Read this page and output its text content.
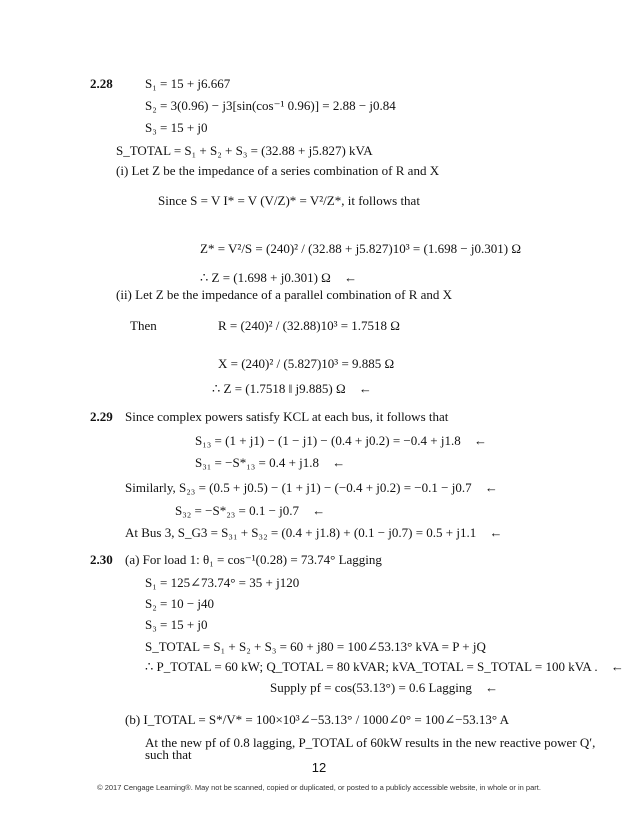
2.28 S₁ = 15 + j6.667
S₂ = 3(0.96) − j3[sin(cos⁻¹ 0.96)] = 2.88 − j0.84
S₃ = 15 + j0
S_TOTAL = S₁ + S₂ + S₃ = (32.88 + j5.827) kVA
(i) Let Z be the impedance of a series combination of R and X
Since S = V I* = V (V/Z)* = V²/Z*, it follows that
Z* = V²/S = (240)² / (32.88 + j5.827)10³ = (1.698 − j0.301) Ω
∴ Z = (1.698 + j0.301) Ω ←
(ii) Let Z be the impedance of a parallel combination of R and X
Then	R = (240)² / (32.88)10³ = 1.7518 Ω
X = (240)² / (5.827)10³ = 9.885 Ω
∴ Z = (1.7518 ‖ j9.885) Ω ←
2.29 Since complex powers satisfy KCL at each bus, it follows that
S₁₃ = (1 + j1) − (1 − j1) − (0.4 + j0.2) = −0.4 + j1.8 ←
S₃₁ = −S*₁₃ = 0.4 + j1.8 ←
Similarly, S₂₃ = (0.5 + j0.5) − (1 + j1) − (−0.4 + j0.2) = −0.1 − j0.7 ←
S₃₂ = −S*₂₃ = 0.1 − j0.7 ←
At Bus 3, S_G3 = S₃₁ + S₃₂ = (0.4 + j1.8) + (0.1 − j0.7) = 0.5 + j1.1 ←
2.30 (a) For load 1: θ₁ = cos⁻¹(0.28) = 73.74° Lagging
S₁ = 125∠73.74° = 35 + j120
S₂ = 10 − j40
S₃ = 15 + j0
S_TOTAL = S₁ + S₂ + S₃ = 60 + j80 = 100∠53.13° kVA = P + jQ
∴ P_TOTAL = 60 kW; Q_TOTAL = 80 kVAR; kVA_TOTAL = S_TOTAL = 100 kVA . ←
Supply pf = cos(53.13°) = 0.6 Lagging ←
(b) I_TOTAL = S*/V* = 100×10³∠−53.13° / 1000∠0° = 100∠−53.13° A
At the new pf of 0.8 lagging, P_TOTAL of 60kW results in the new reactive power Q′,
such that
12
© 2017 Cengage Learning®. May not be scanned, copied or duplicated, or posted to a publicly accessible website, in whole or in part.
